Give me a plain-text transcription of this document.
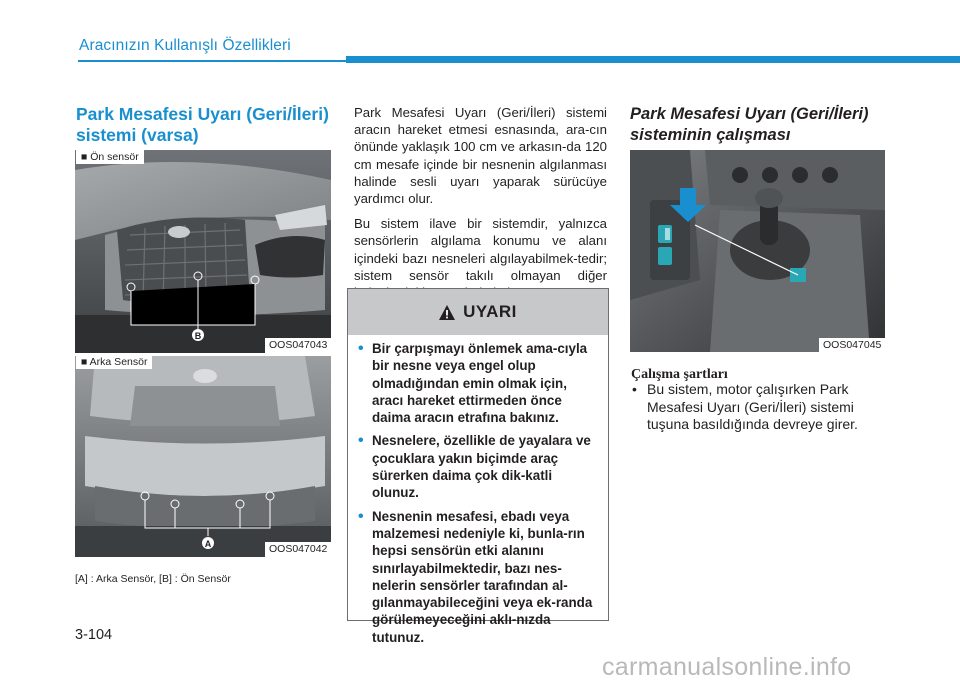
Aracınızın Kullanışlı Özellikleri
Park Mesafesi Uyarı (Geri/İleri) sistemi (varsa)
B
■ Ön sensör
OOS047043
A
■ Arka Sensör
OOS047042
[A] : Arka Sensör, [B] : Ön Sensör

Park Mesafesi Uyarı (Geri/İleri) sistemi aracın hareket etmesi esnasında, ara-cın önünde yaklaşık 100 cm ve arkasın-da 120 cm mesafe içinde bir nesnenin algılanması halinde sesli uyarı yaparak sürücüye yardımcı olur.

Bu sistem ilave bir sistemdir, yalnızca sensörlerin algılama konumu ve alanı içindeki bazı nesneleri algılayabilmek-tedir; sistem sensör takılı olmayan diğer

UYARI
• Bir çarpışmayı önlemek ama-cıyla bir nesne veya engel olup olmadığından emin olmak için, aracı hareket ettirmeden önce daima aracın etrafına bakınız.
• Nesnelere, özellikle de yayalara ve çocuklara yakın biçimde araç sürerken daima çok dik-katli olunuz.
• Nesnenin mesafesi, ebadı veya malzemesi nedeniyle ki, bunla-rın hepsi sensörün etki alanını sınırlayabilmektedir, bazı nes-nelerin sensörler tarafından al-gılanmayabileceğini veya ek-randa görülemeyeceğini aklı-nızda tutunuz.
Park Mesafesi Uyarı (Geri/İleri) sisteminin çalışması
OOS047045
Çalışma şartları
• Bu sistem, motor çalışırken Park Mesafesi Uyarı (Geri/İleri) sistemi tuşuna basıldığında devreye girer.
3-104
carmanualsonline.info
